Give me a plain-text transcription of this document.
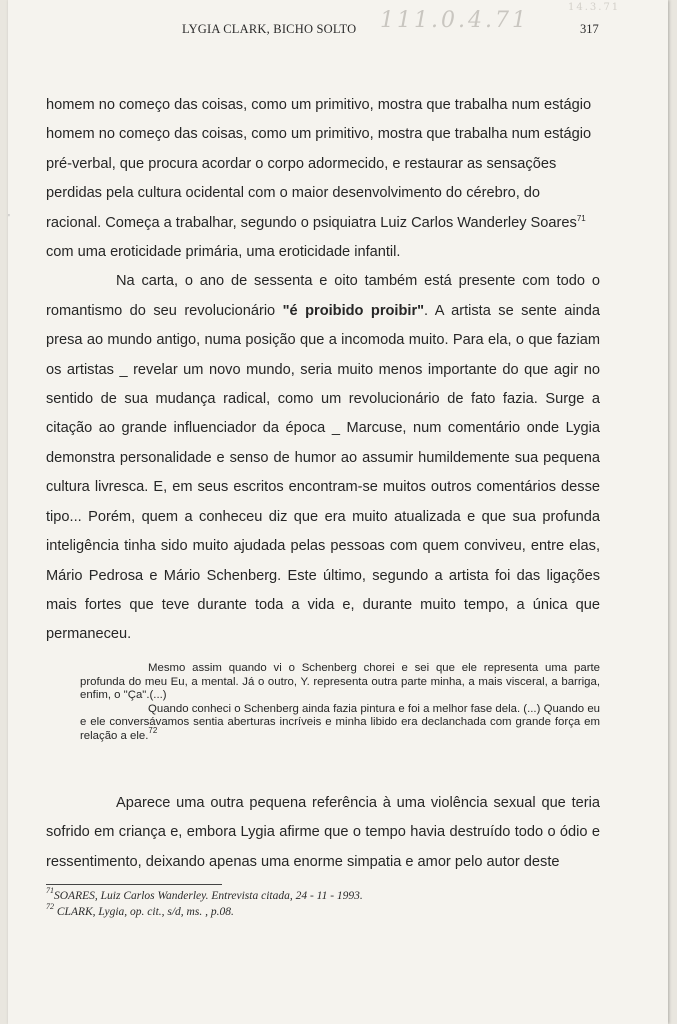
LYGIA CLARK, BICHO SOLTO 111.0.4.71
14.3.71
317
'

homem no começo das coisas, como um primitivo, mostra que trabalha num estágio
homem no começo das coisas, como um primitivo, mostra que trabalha num estágio
pré-verbal, que procura acordar o corpo adormecido, e restaurar as sensações
perdidas pela cultura ocidental com o maior desenvolvimento do cérebro, do
racional. Começa a trabalhar, segundo o psiquiatra Luiz Carlos Wanderley Soares$^{71}$

com uma eroticidade primária, uma eroticidade infantil.

Na carta, o ano de sessenta e oito também está presente com todo o romantismo do seu revolucionário "é proibido proibir". A artista se sente ainda presa ao mundo antigo, numa posição que a incomoda muito. Para ela, o que faziam os artistas _ revelar um novo mundo, seria muito menos importante do que agir no sentido de sua mudança radical, como um revolucionário de fato fazia. Surge a citação ao grande influenciador da época _ Marcuse, num comentário onde Lygia demonstra personalidade e senso de humor ao assumir humildemente sua pequena cultura livresca. E, em seus escritos encontram-se muitos outros comentários desse tipo... Porém, quem a conheceu diz que era muito atualizada e que sua profunda inteligência tinha sido muito ajudada pelas pessoas com quem conviveu, entre elas, Mário Pedrosa e Mário Schenberg. Este último, segundo a artista foi das ligações mais fortes que teve durante toda a vida e, durante muito tempo, a única que permaneceu.

Mesmo assim quando vi o Schenberg chorei e sei que ele representa uma parte profunda do meu Eu, a mental. Já o outro, Y. representa outra parte minha, a mais visceral, a barriga, enfim, o "Ça".(...)

Quando conheci o Schenberg ainda fazia pintura e foi a melhor fase dela. (...) Quando eu e ele conversávamos sentia aberturas incríveis e minha libido era declanchada com grande força em relação a ele.$^{72}$

Aparece uma outra pequena referência à uma violência sexual que teria sofrido em criança e, embora Lygia afirme que o tempo havia destruído todo o ódio e ressentimento, deixando apenas uma enorme simpatia e amor pelo autor deste

$^{71}$SOARES, Luiz Carlos Wanderley. Entrevista citada, 24 - 11 - 1993.
$^{72}$ CLARK, Lygia, op. cit., s/d, ms. , p.08.
